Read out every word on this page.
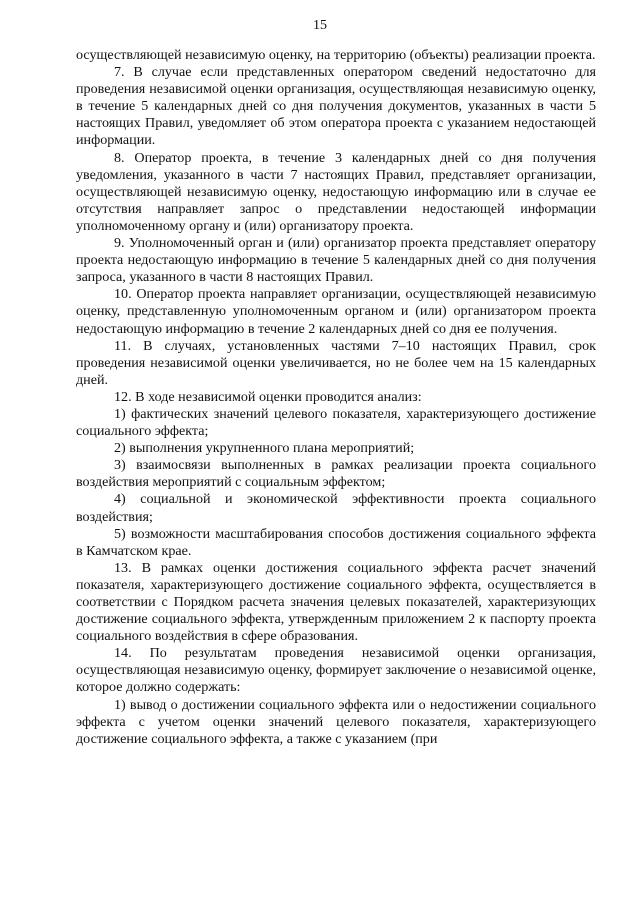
15

осуществляющей независимую оценку, на территорию (объекты) реализации проекта.

7. В случае если представленных оператором сведений недостаточно для проведения независимой оценки организация, осуществляющая независимую оценку, в течение 5 календарных дней со дня получения документов, указанных в части 5 настоящих Правил, уведомляет об этом оператора проекта с указанием недостающей информации.

8. Оператор проекта, в течение 3 календарных дней со дня получения уведомления, указанного в части 7 настоящих Правил, представляет организации, осуществляющей независимую оценку, недостающую информацию или в случае ее отсутствия направляет запрос о представлении недостающей информации уполномоченному органу и (или) организатору проекта.

9. Уполномоченный орган и (или) организатор проекта представляет оператору проекта недостающую информацию в течение 5 календарных дней со дня получения запроса, указанного в части 8 настоящих Правил.

10. Оператор проекта направляет организации, осуществляющей независимую оценку, представленную уполномоченным органом и (или) организатором проекта недостающую информацию в течение 2 календарных дней со дня ее получения.

11. В случаях, установленных частями 7–10 настоящих Правил, срок проведения независимой оценки увеличивается, но не более чем на 15 календарных дней.

12. В ходе независимой оценки проводится анализ:

1) фактических значений целевого показателя, характеризующего достижение социального эффекта;

2) выполнения укрупненного плана мероприятий;

3) взаимосвязи выполненных в рамках реализации проекта социального воздействия мероприятий с социальным эффектом;

4) социальной и экономической эффективности проекта социального воздействия;

5) возможности масштабирования способов достижения социального эффекта в Камчатском крае.

13. В рамках оценки достижения социального эффекта расчет значений показателя, характеризующего достижение социального эффекта, осуществляется в соответствии с Порядком расчета значения целевых показателей, характеризующих достижение социального эффекта, утвержденным приложением 2 к паспорту проекта социального воздействия в сфере образования.

14. По результатам проведения независимой оценки организация, осуществляющая независимую оценку, формирует заключение о независимой оценке, которое должно содержать:

1) вывод о достижении социального эффекта или о недостижении социального эффекта с учетом оценки значений целевого показателя, характеризующего достижение социального эффекта, а также с указанием (при
